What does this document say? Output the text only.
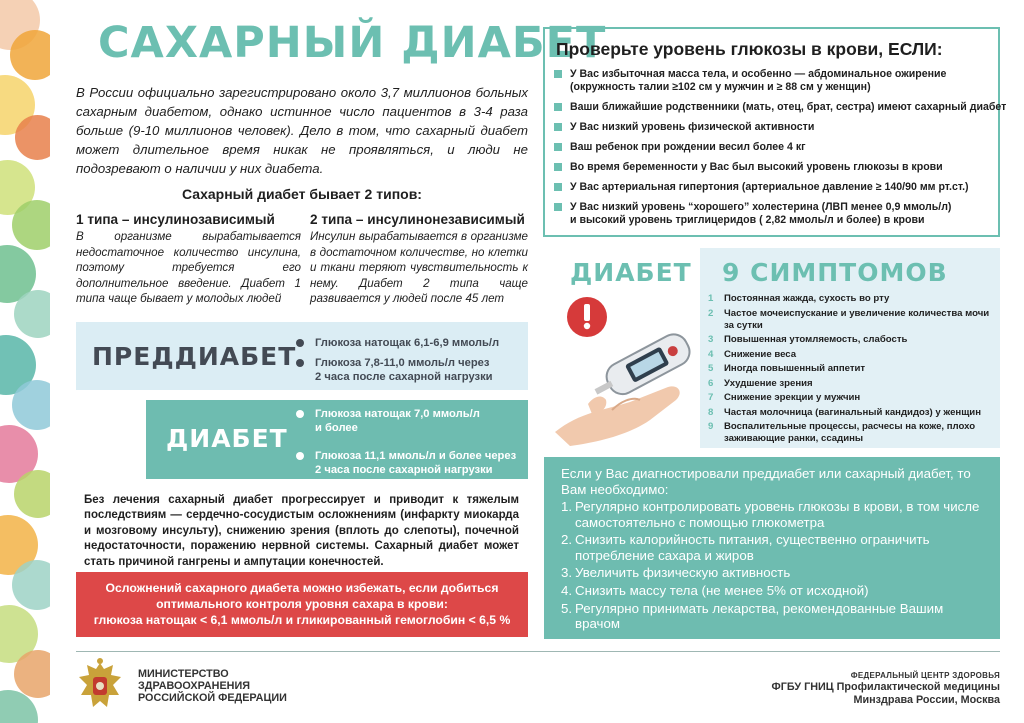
САХАРНЫЙ ДИАБЕТ
В России официально зарегистрировано около 3,7 миллионов больных сахарным диабетом, однако истинное число пациентов в 3-4 раза больше (9-10 миллионов человек). Дело в том, что сахарный диабет может длительное время никак не проявляться, и люди не подозревают о наличии у них диабета.
Сахарный диабет бывает 2 типов:
1 типа – инсулинозависимый

В организме вырабатывается недостаточное количество инсулина, поэтому требуется его дополнительное введение. Диабет 1 типа чаще бывает у молодых людей

2 типа – инсулинонезависимый

Инсулин вырабатывается в организме в достаточном количестве, но клетки и ткани теряют чувствительность к нему. Диабет 2 типа чаще развивается у людей после 45 лет

ПРЕДДИАБЕТ	Глюкоза натощак 6,1-6,9 ммоль/л
Глюкоза 7,8-11,0 ммоль/л через
2 часа после сахарной нагрузки
ДИАБЕТ
Глюкоза натощак 7,0 ммоль/л
и более
Глюкоза 11,1 ммоль/л и более через
2 часа после сахарной нагрузки
Без лечения сахарный диабет прогрессирует и приводит к тяжелым последствиям — сердечно-сосудистым осложнениям (инфаркту миокарда и мозговому инсульту), снижению зрения (вплоть до слепоты), почечной недостаточности, поражению нервной системы. Сахарный диабет может стать причиной гангрены и ампутации конечностей.
Осложнений сахарного диабета можно избежать, если добиться
оптимального контроля уровня сахара в крови:
глюкоза натощак < 6,1 ммоль/л и гликированный гемоглобин < 6,5 %
Проверьте уровень глюкозы в крови, ЕСЛИ:
У Вас избыточная масса тела, и особенно — абдоминальное ожирение
(окружность талии ≥102 см у мужчин и ≥ 88 см у женщин)
Ваши ближайшие родственники (мать, отец, брат, сестра) имеют сахарный диабет
У Вас низкий уровень физической активности
Ваш ребенок при рождении весил более 4 кг
Во время беременности у Вас был высокий уровень глюкозы в крови
У Вас артериальная гипертония (артериальное давление ≥ 140/90 мм рт.ст.)
У Вас низкий уровень “хорошего” холестерина (ЛВП менее 0,9 ммоль/л)
и высокий уровень триглицеридов ( 2,82 ммоль/л и более) в крови
ДИАБЕТ 9 СИМПТОМОВ
1 Постоянная жажда, сухость во рту
2 Частое мочеиспускание и увеличение количества мочи за сутки
3 Повышенная утомляемость, слабость
4 Снижение веса
5 Иногда повышенный аппетит
6 Ухудшение зрения
7 Снижение эрекции у мужчин
8 Частая молочница (вагинальный кандидоз) у женщин
9 Воспалительные процессы, расчесы на коже, плохо заживающие ранки, ссадины
Если у Вас диагностировали преддиабет или сахарный диабет, то Вам необходимо:
1. Регулярно контролировать уровень глюкозы в крови, в том числе самостоятельно с помощью глюкометра
2. Снизить калорийность питания, существенно ограничить потребление сахара и жиров
3. Увеличить физическую активность
4. Снизить массу тела (не менее 5% от исходной)
5. Регулярно принимать лекарства, рекомендованные Вашим врачом
МИНИСТЕРСТВО
ЗДРАВООХРАНЕНИЯ
РОССИЙСКОЙ ФЕДЕРАЦИИ
ФЕДЕРАЛЬНЫЙ ЦЕНТР ЗДОРОВЬЯ
ФГБУ ГНИЦ Профилактической медицины
Минздрава России, Москва
